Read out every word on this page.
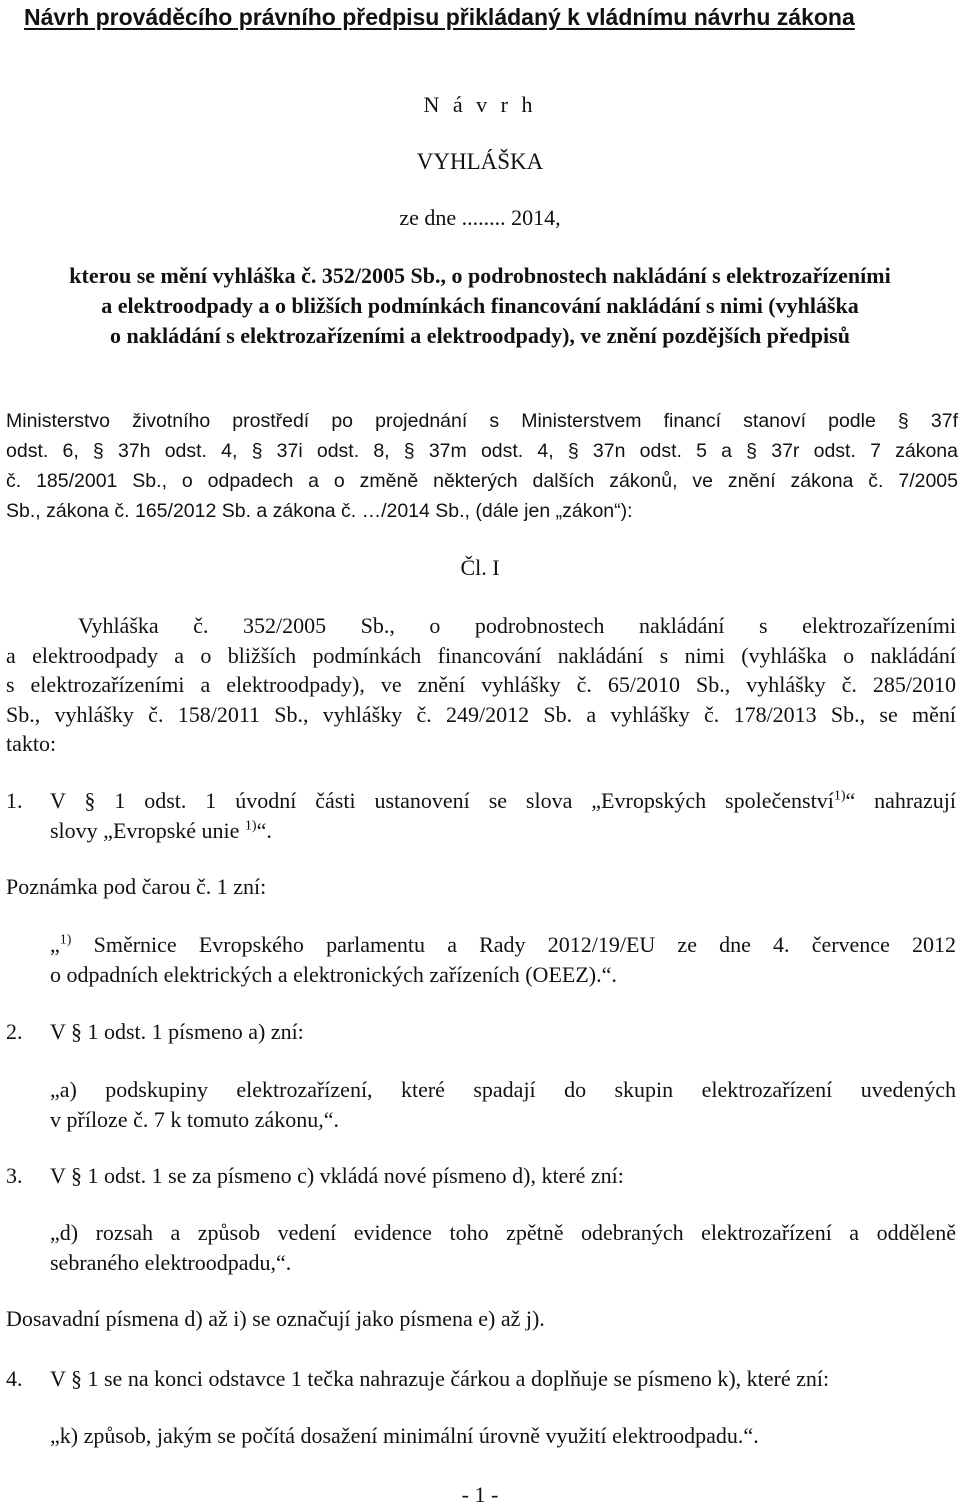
Návrh prováděcího právního předpisu přikládaný k vládnímu návrhu zákona
N á v r h
VYHLÁŠKA
ze dne ........ 2014,
kterou se mění vyhláška č. 352/2005 Sb., o podrobnostech nakládání s elektrozařízeními
a elektroodpady a o bližších podmínkách financování nakládání s nimi (vyhláška
o nakládání s elektrozařízeními a elektroodpady), ve znění pozdějších předpisů
Ministerstvo životního prostředí po projednání s Ministerstvem financí stanoví podle § 37f
odst. 6, § 37h odst. 4, § 37i odst. 8, § 37m odst. 4, § 37n odst. 5 a § 37r odst. 7 zákona
č. 185/2001 Sb., o odpadech a o změně některých dalších zákonů, ve znění zákona č. 7/2005
Sb., zákona č. 165/2012 Sb. a zákona č. …/2014 Sb., (dále jen „zákon“):
Čl. I
Vyhláška č. 352/2005 Sb., o podrobnostech nakládání s elektrozařízeními
a elektroodpady a o bližších podmínkách financování nakládání s nimi (vyhláška o nakládání
s elektrozařízeními a elektroodpady), ve znění vyhlášky č. 65/2010 Sb., vyhlášky č. 285/2010
Sb., vyhlášky č. 158/2011 Sb., vyhlášky č. 249/2012 Sb. a vyhlášky č. 178/2013 Sb., se mění
takto:
1. V § 1 odst. 1 úvodní části ustanovení se slova „Evropských společenství$^{1)}$“ nahrazují
slovy „Evropské unie $^{1)}$“.
Poznámka pod čarou č. 1 zní:
„$^{1)}$ Směrnice Evropského parlamentu a Rady 2012/19/EU ze dne 4. července 2012
o odpadních elektrických a elektronických zařízeních (OEEZ).“.
2. V § 1 odst. 1 písmeno a) zní:
„a) podskupiny elektrozařízení, které spadají do skupin elektrozařízení uvedených
v příloze č. 7 k tomuto zákonu,“.
3. V § 1 odst. 1 se za písmeno c) vkládá nové písmeno d), které zní:
„d) rozsah a způsob vedení evidence toho zpětně odebraných elektrozařízení a odděleně
sebraného elektroodpadu,“.
Dosavadní písmena d) až i) se označují jako písmena e) až j).
4. V § 1 se na konci odstavce 1 tečka nahrazuje čárkou a doplňuje se písmeno k), které zní:
„k) způsob, jakým se počítá dosažení minimální úrovně využití elektroodpadu.“.
- 1 -
